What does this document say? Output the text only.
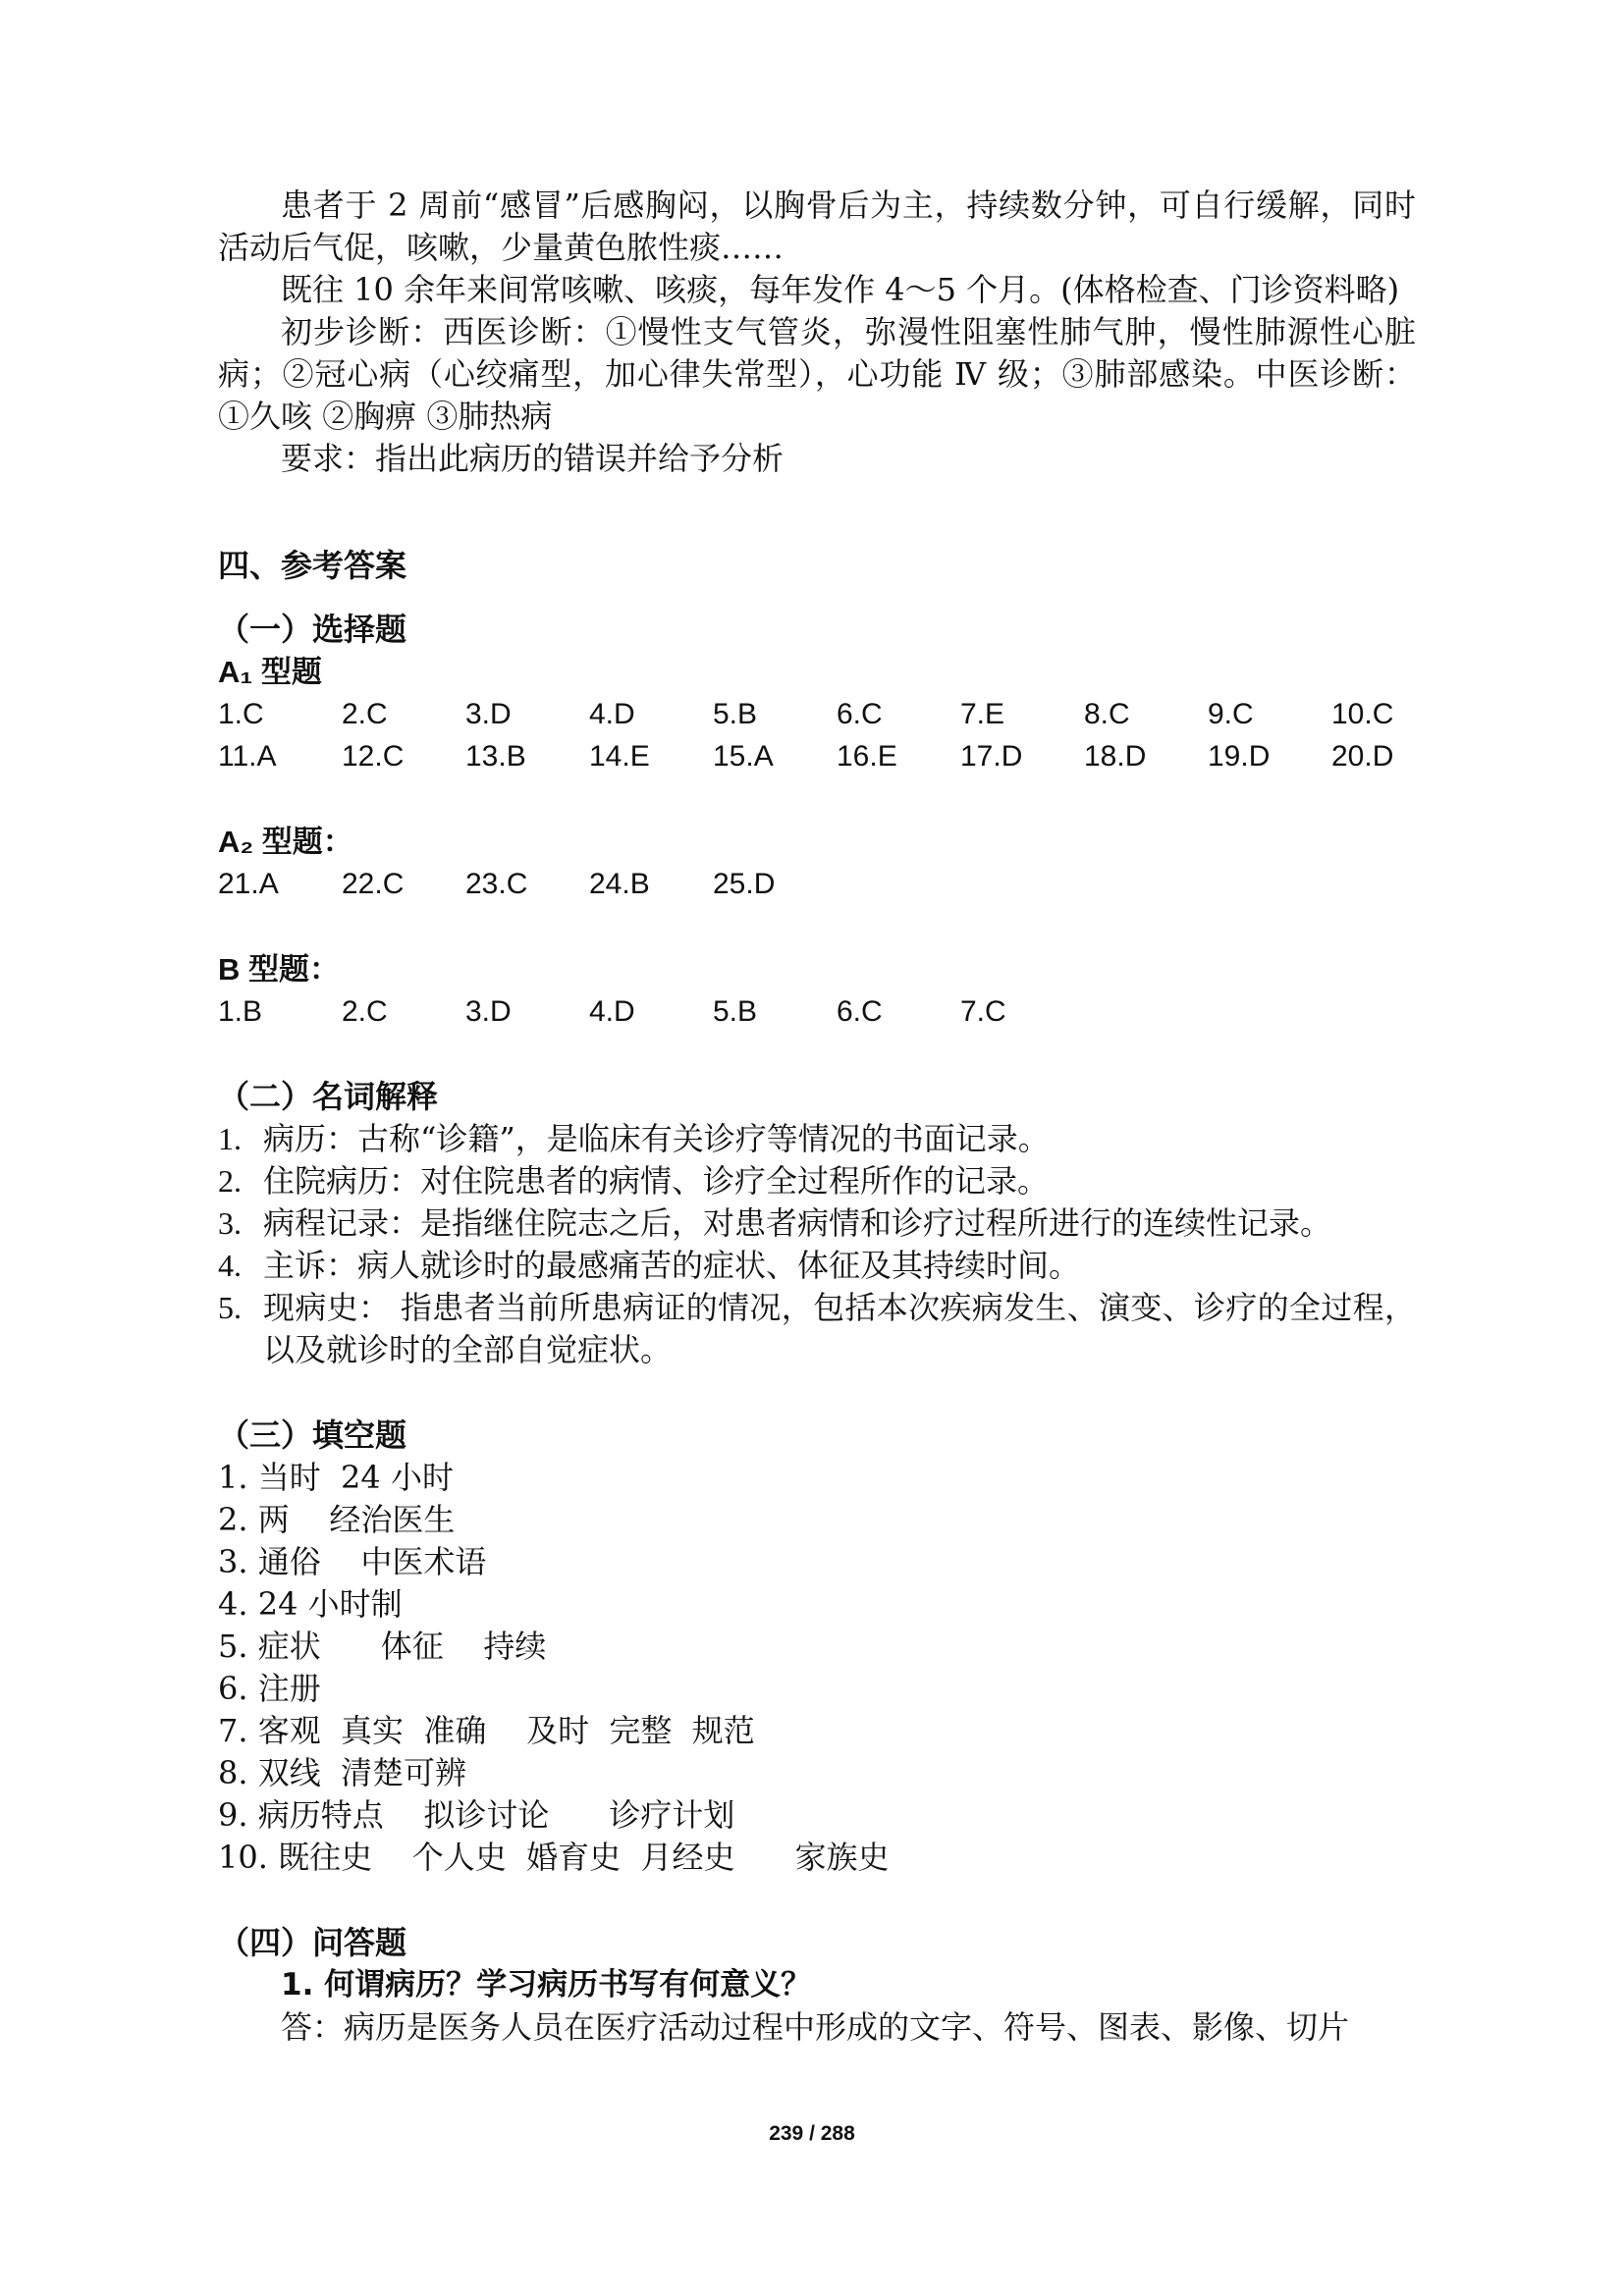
患者于 2 周前“感冒”后感胸闷，以胸骨后为主，持续数分钟，可自行缓解，同时活动后气促，咳嗽，少量黄色脓性痰……

既往 10 余年来间常咳嗽、咳痰，每年发作 4～5 个月。(体格检查、门诊资料略)

初步诊断：西医诊断：①慢性支气管炎，弥漫性阻塞性肺气肿，慢性肺源性心脏病；②冠心病（心绞痛型，加心律失常型），心功能 Ⅳ 级；③肺部感染。中医诊断：①久咳 ②胸痹 ③肺热病

要求：指出此病历的错误并给予分析

四、参考答案

（一）选择题

A₁ 型题

1.C	2.C	3.D	4.D	5.B	6.C	7.E	8.C	9.C	10.C
11.A	12.C	13.B	14.E	15.A	16.E	17.D	18.D	19.D	20.D

A₂ 型题：

21.A	22.C	23.C	24.B	25.D

B 型题：

1.B	2.C	3.D	4.D	5.B	6.C	7.C

（二）名词解释

1. 病历：古称“诊籍”，是临床有关诊疗等情况的书面记录。
2. 住院病历：对住院患者的病情、诊疗全过程所作的记录。
3. 病程记录：是指继住院志之后，对患者病情和诊疗过程所进行的连续性记录。
4. 主诉：病人就诊时的最感痛苦的症状、体征及其持续时间。
5. 现病史： 指患者当前所患病证的情况，包括本次疾病发生、演变、诊疗的全过程，以及就诊时的全部自觉症状。

（三）填空题

1. 当时  24 小时

2. 两    经治医生

3. 通俗    中医术语

4. 24 小时制

5. 症状      体征    持续

6. 注册

7. 客观  真实  准确    及时  完整  规范

8. 双线  清楚可辨

9. 病历特点    拟诊讨论      诊疗计划

10. 既往史    个人史  婚育史  月经史      家族史

（四）问答题

1. 何谓病历？学习病历书写有何意义？

答：病历是医务人员在医疗活动过程中形成的文字、符号、图表、影像、切片

239 / 288
